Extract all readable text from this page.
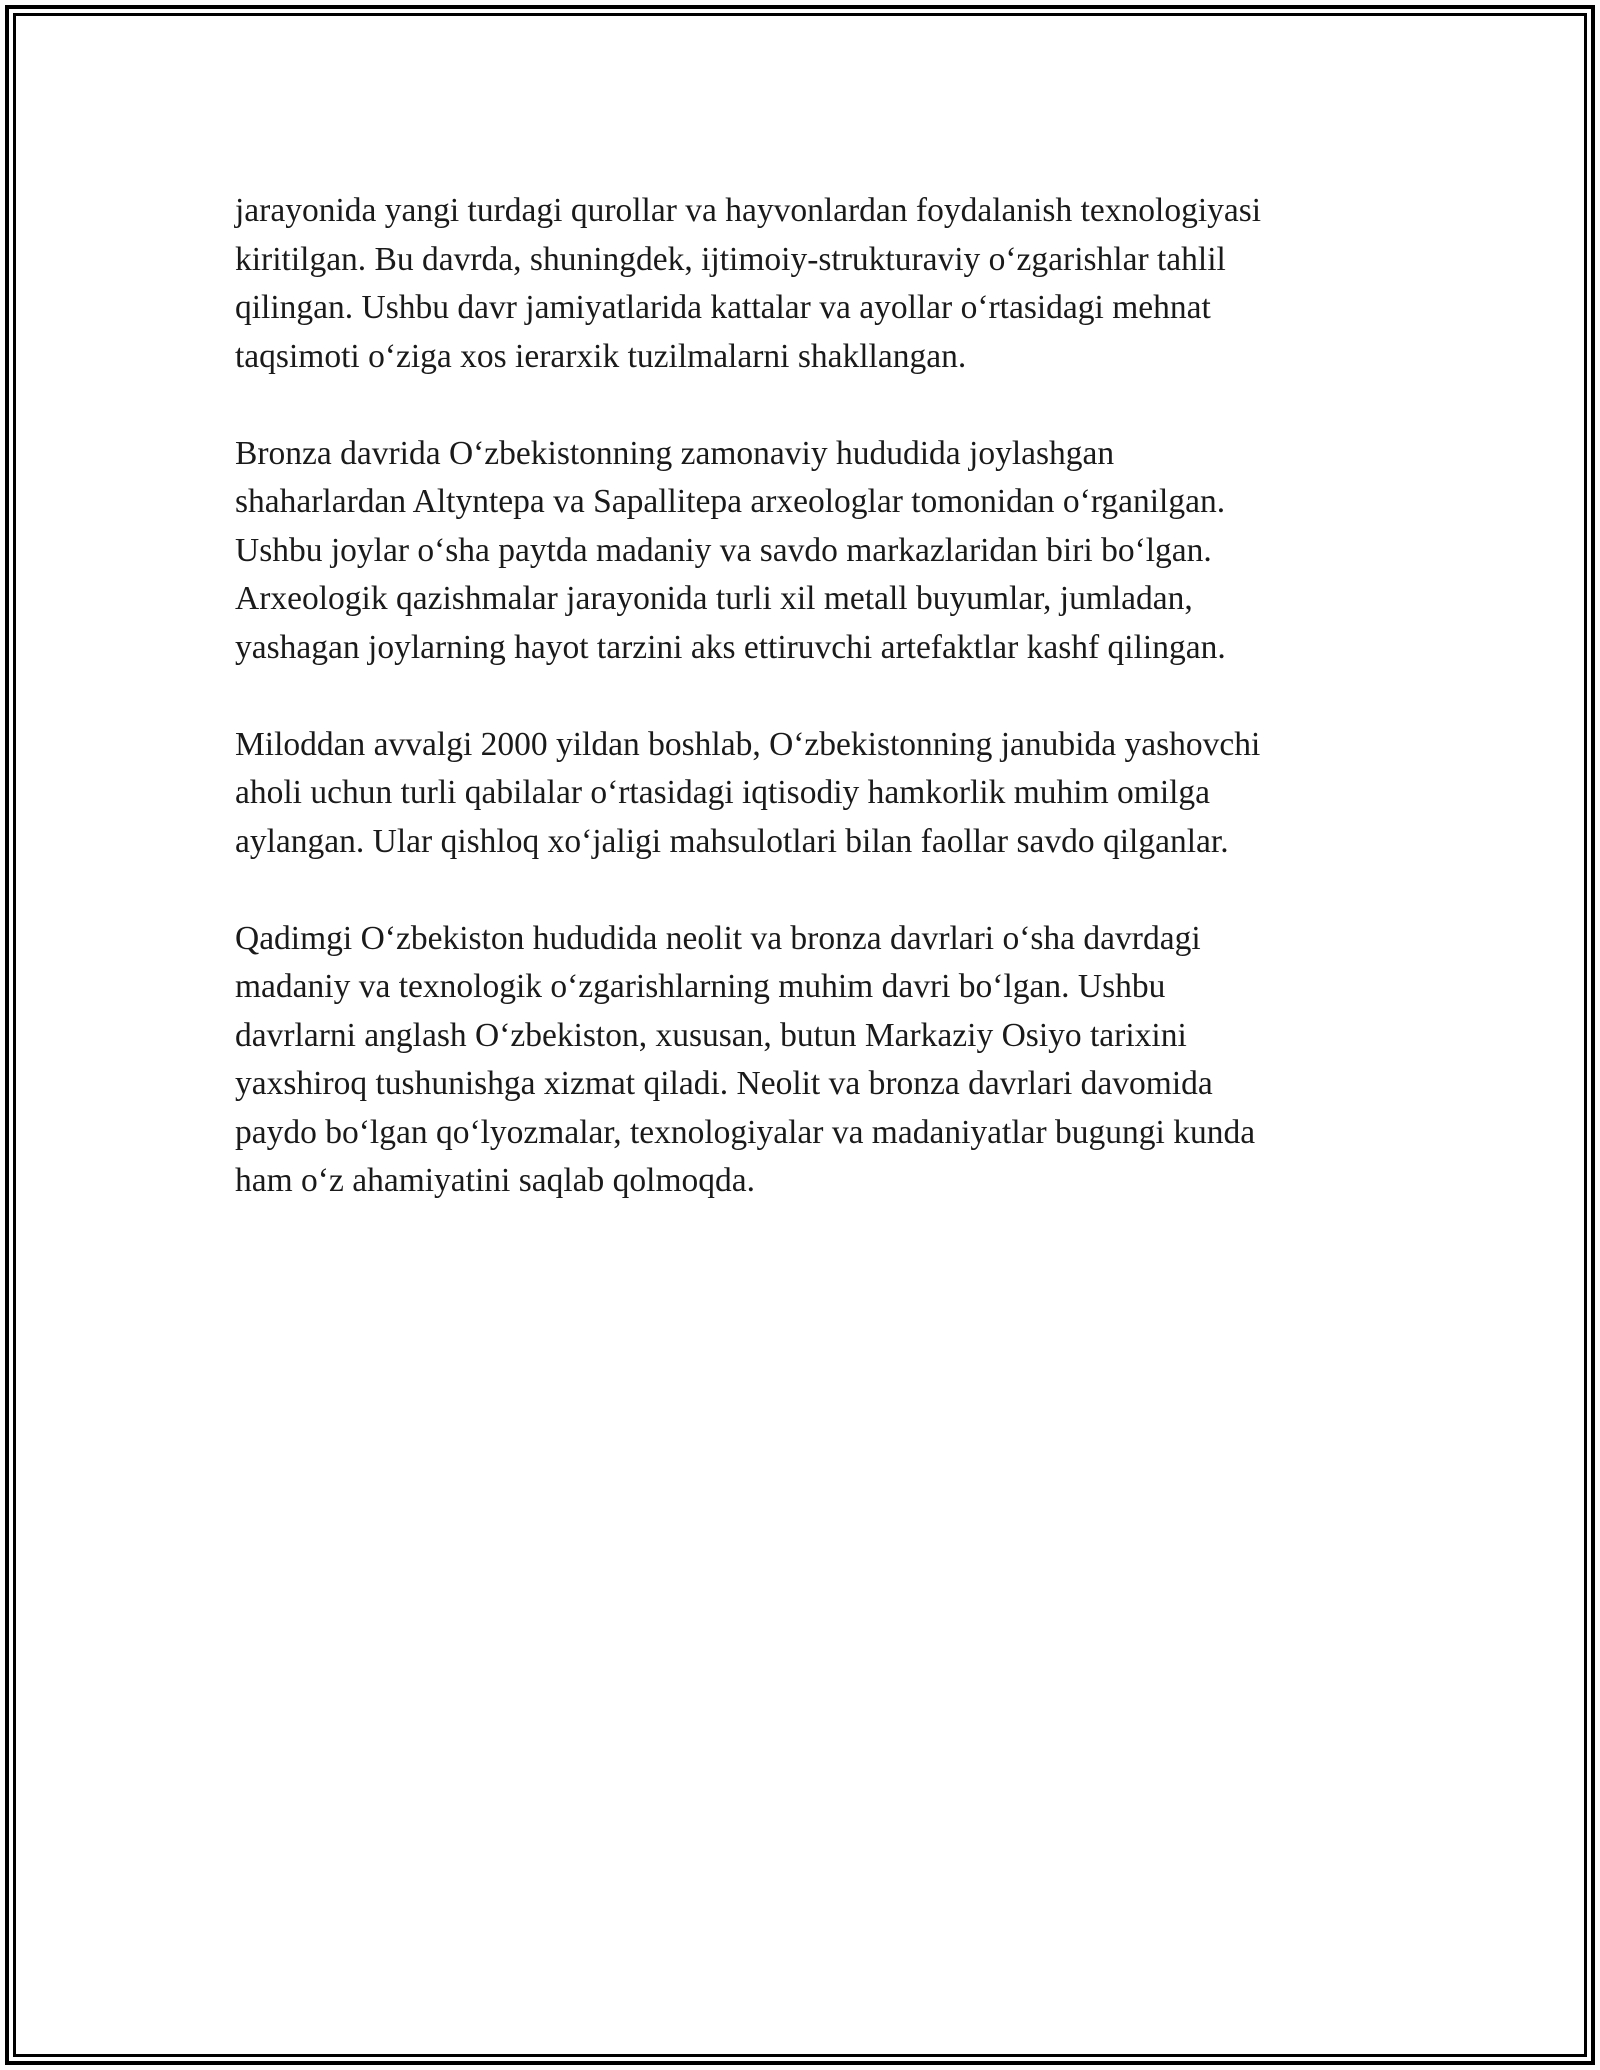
jarayonida yangi turdagi qurollar va hayvonlardan foydalanish texnologiyasi
kiritilgan. Bu davrda, shuningdek, ijtimoiy-strukturaviy o‘zgarishlar tahlil
qilingan. Ushbu davr jamiyatlarida kattalar va ayollar o‘rtasidagi mehnat
taqsimoti o‘ziga xos ierarxik tuzilmalarni shakllangan.

Bronza davrida O‘zbekistonning zamonaviy hududida joylashgan
shaharlardan Altyntepa va Sapallitepa arxeologlar tomonidan o‘rganilgan.
Ushbu joylar o‘sha paytda madaniy va savdo markazlaridan biri bo‘lgan.
Arxeologik qazishmalar jarayonida turli xil metall buyumlar, jumladan,
yashagan joylarning hayot tarzini aks ettiruvchi artefaktlar kashf qilingan.

Miloddan avvalgi 2000 yildan boshlab, O‘zbekistonning janubida yashovchi
aholi uchun turli qabilalar o‘rtasidagi iqtisodiy hamkorlik muhim omilga
aylangan. Ular qishloq xo‘jaligi mahsulotlari bilan faollar savdo qilganlar.

Qadimgi O‘zbekiston hududida neolit va bronza davrlari o‘sha davrdagi
madaniy va texnologik o‘zgarishlarning muhim davri bo‘lgan. Ushbu
davrlarni anglash O‘zbekiston, xususan, butun Markaziy Osiyo tarixini
yaxshiroq tushunishga xizmat qiladi. Neolit va bronza davrlari davomida
paydo bo‘lgan qo‘lyozmalar, texnologiyalar va madaniyatlar bugungi kunda
ham o‘z ahamiyatini saqlab qolmoqda.
